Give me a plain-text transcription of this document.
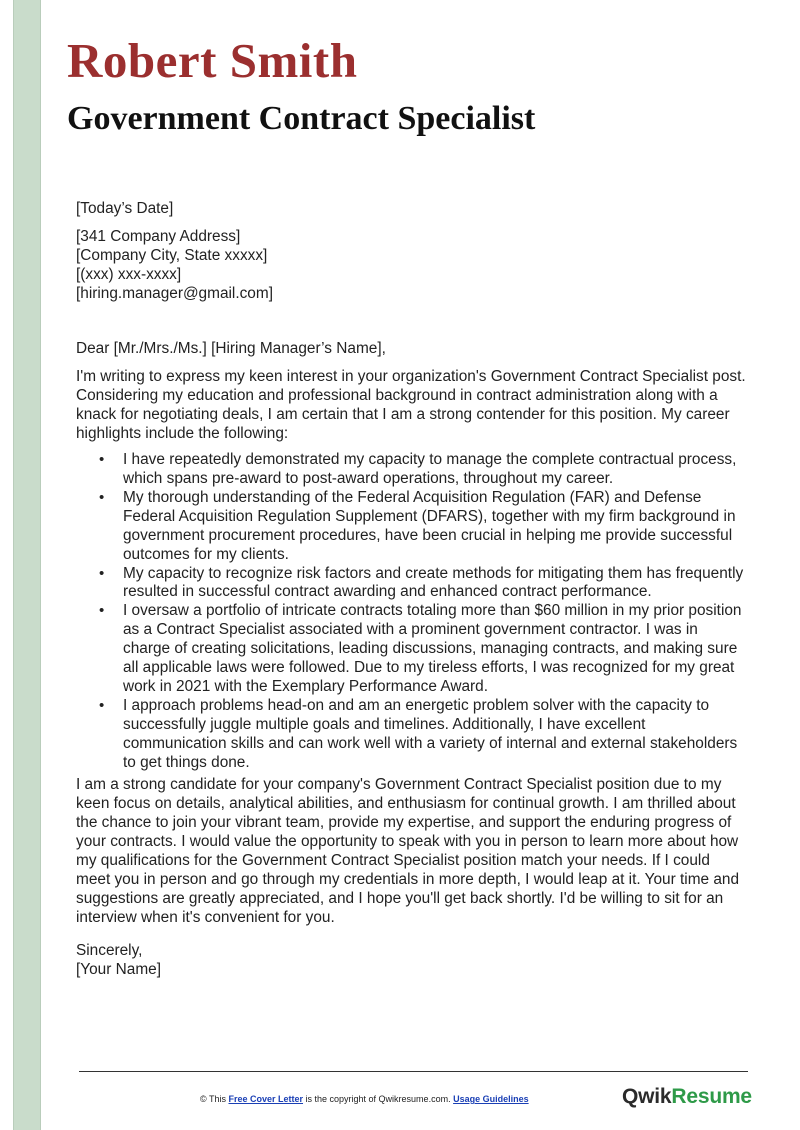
Robert Smith
Government Contract Specialist

[Today’s Date]

[341 Company Address]

[Company City, State xxxxx]

[(xxx) xxx-xxxx]

[hiring.manager@gmail.com]

Dear [Mr./Mrs./Ms.] [Hiring Manager’s Name],

I'm writing to express my keen interest in your organization's Government Contract Specialist post. Considering my education and professional background in contract administration along with a knack for negotiating deals, I am certain that I am a strong contender for this position. My career highlights include the following:

• I have repeatedly demonstrated my capacity to manage the complete contractual process, which spans pre-award to post-award operations, throughout my career.
• My thorough understanding of the Federal Acquisition Regulation (FAR) and Defense Federal Acquisition Regulation Supplement (DFARS), together with my firm background in government procurement procedures, have been crucial in helping me provide successful outcomes for my clients.
• My capacity to recognize risk factors and create methods for mitigating them has frequently resulted in successful contract awarding and enhanced contract performance.
• I oversaw a portfolio of intricate contracts totaling more than $60 million in my prior position as a Contract Specialist associated with a prominent government contractor. I was in charge of creating solicitations, leading discussions, managing contracts, and making sure all applicable laws were followed. Due to my tireless efforts, I was recognized for my great work in 2021 with the Exemplary Performance Award.
• I approach problems head-on and am an energetic problem solver with the capacity to successfully juggle multiple goals and timelines. Additionally, I have excellent communication skills and can work well with a variety of internal and external stakeholders to get things done.

I am a strong candidate for your company's Government Contract Specialist position due to my keen focus on details, analytical abilities, and enthusiasm for continual growth. I am thrilled about the chance to join your vibrant team, provide my expertise, and support the enduring progress of your contracts. I would value the opportunity to speak with you in person to learn more about how my qualifications for the Government Contract Specialist position match your needs. If I could meet you in person and go through my credentials in more depth, I would leap at it. Your time and suggestions are greatly appreciated, and I hope you'll get back shortly. I'd be willing to sit for an interview when it's convenient for you.

Sincerely,

[Your Name]

© This Free Cover Letter is the copyright of Qwikresume.com. Usage Guidelines	QwikResume
